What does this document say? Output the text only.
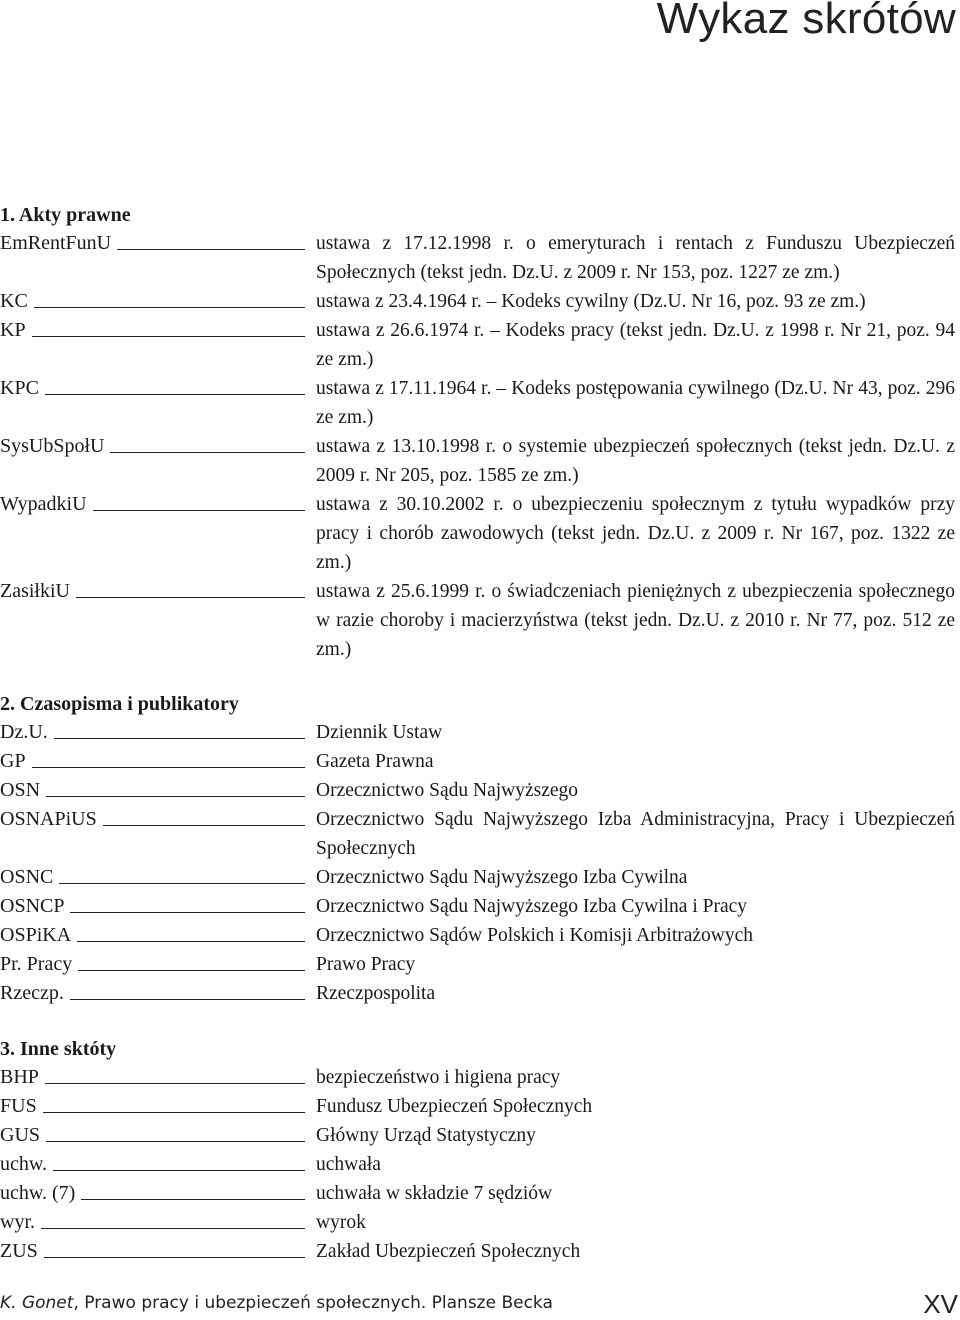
Wykaz skrótów
1. Akty prawne
EmRentFunU	ustawa z 17.12.1998 r. o emeryturach i rentach z Funduszu Ubezpieczeń Społecznych (tekst jedn. Dz.U. z 2009 r. Nr 153, poz. 1227 ze zm.)
KC	ustawa z 23.4.1964 r. – Kodeks cywilny (Dz.U. Nr 16, poz. 93 ze zm.)
KP	ustawa z 26.6.1974 r. – Kodeks pracy (tekst jedn. Dz.U. z 1998 r. Nr 21, poz. 94 ze zm.)
KPC	ustawa z 17.11.1964 r. – Kodeks postępowania cywilnego (Dz.U. Nr 43, poz. 296 ze zm.)
SysUbSpołU	ustawa z 13.10.1998 r. o systemie ubezpieczeń społecznych (tekst jedn. Dz.U. z 2009 r. Nr 205, poz. 1585 ze zm.)
WypadkiU	ustawa z 30.10.2002 r. o ubezpieczeniu społecznym z tytułu wypadków przy pracy i chorób zawodowych (tekst jedn. Dz.U. z 2009 r. Nr 167, poz. 1322 ze zm.)
ZasiłkiU	ustawa z 25.6.1999 r. o świadczeniach pieniężnych z ubezpieczenia społecznego w razie choroby i macierzyństwa (tekst jedn. Dz.U. z 2010 r. Nr 77, poz. 512 ze zm.)
2. Czasopisma i publikatory
Dz.U.	Dziennik Ustaw
GP	Gazeta Prawna
OSN	Orzecznictwo Sądu Najwyższego
OSNAPiUS	Orzecznictwo Sądu Najwyższego Izba Administracyjna, Pracy i Ubezpieczeń Społecznych
OSNC	Orzecznictwo Sądu Najwyższego Izba Cywilna
OSNCP	Orzecznictwo Sądu Najwyższego Izba Cywilna i Pracy
OSPiKA	Orzecznictwo Sądów Polskich i Komisji Arbitrażowych
Pr. Pracy	Prawo Pracy
Rzeczp.	Rzeczpospolita
3. Inne sktóty
BHP	bezpieczeństwo i higiena pracy
FUS	Fundusz Ubezpieczeń Społecznych
GUS	Główny Urząd Statystyczny
uchw.	uchwała
uchw. (7)	uchwała w składzie 7 sędziów
wyr.	wyrok
ZUS	Zakład Ubezpieczeń Społecznych
K. Gonet, Prawo pracy i ubezpieczeń społecznych. Plansze Becka	XV
